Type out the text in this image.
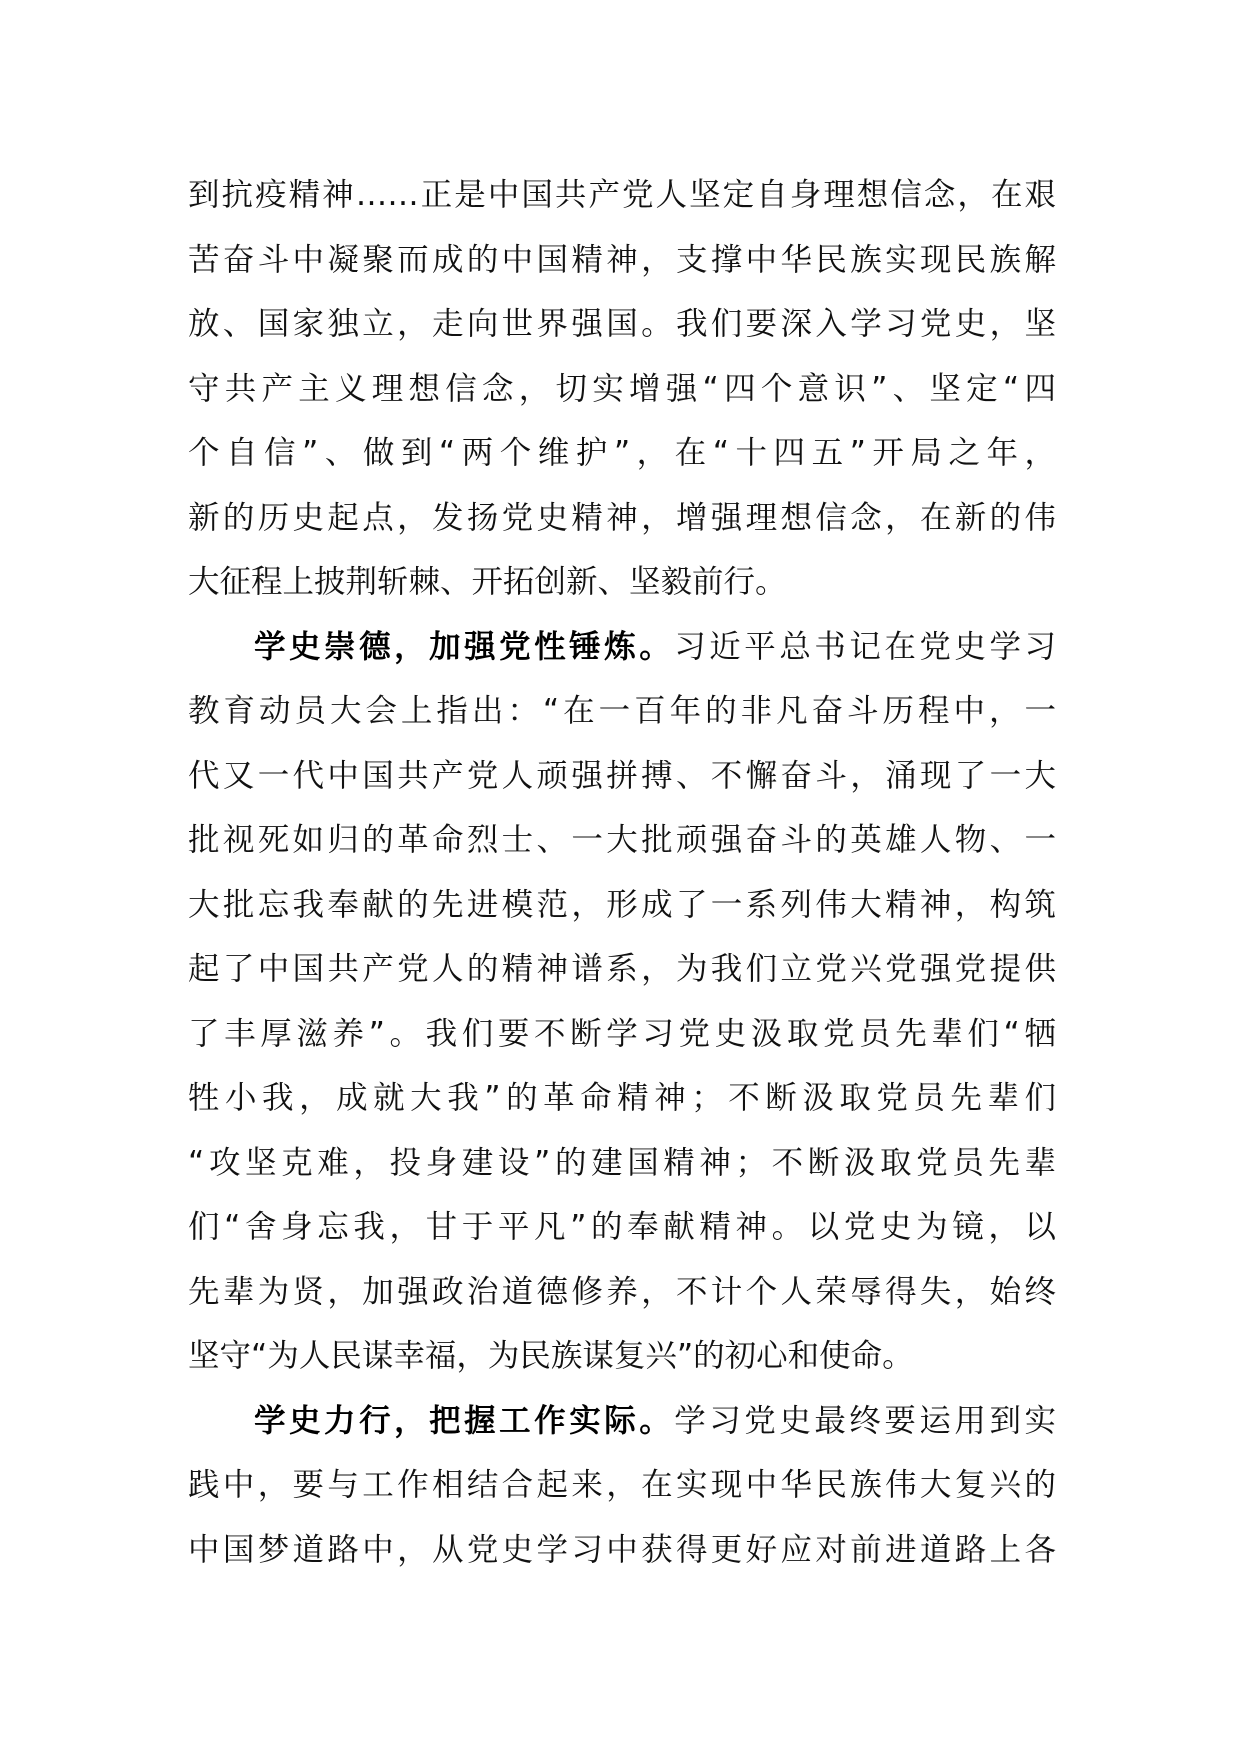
到抗疫精神……正是中国共产党人坚定自身理想信念，在艰
苦奋斗中凝聚而成的中国精神，支撑中华民族实现民族解
放、国家独立，走向世界强国。我们要深入学习党史，坚
守共产主义理想信念，切实增强“四个意识”、坚定“四
个自信”、做到“两个维护”，在“十四五”开局之年，
新的历史起点，发扬党史精神，增强理想信念，在新的伟
大征程上披荆斩棘、开拓创新、坚毅前行。
学史崇德，加强党性锤炼。习近平总书记在党史学习
教育动员大会上指出：“在一百年的非凡奋斗历程中，一
代又一代中国共产党人顽强拼搏、不懈奋斗，涌现了一大
批视死如归的革命烈士、一大批顽强奋斗的英雄人物、一
大批忘我奉献的先进模范，形成了一系列伟大精神，构筑
起了中国共产党人的精神谱系，为我们立党兴党强党提供
了丰厚滋养”。我们要不断学习党史汲取党员先辈们“牺
牲小我，成就大我”的革命精神；不断汲取党员先辈们
“攻坚克难，投身建设”的建国精神；不断汲取党员先辈
们“舍身忘我，甘于平凡”的奉献精神。以党史为镜，以
先辈为贤，加强政治道德修养，不计个人荣辱得失，始终
坚守“为人民谋幸福，为民族谋复兴”的初心和使命。
学史力行，把握工作实际。学习党史最终要运用到实
践中，要与工作相结合起来，在实现中华民族伟大复兴的
中国梦道路中，从党史学习中获得更好应对前进道路上各
